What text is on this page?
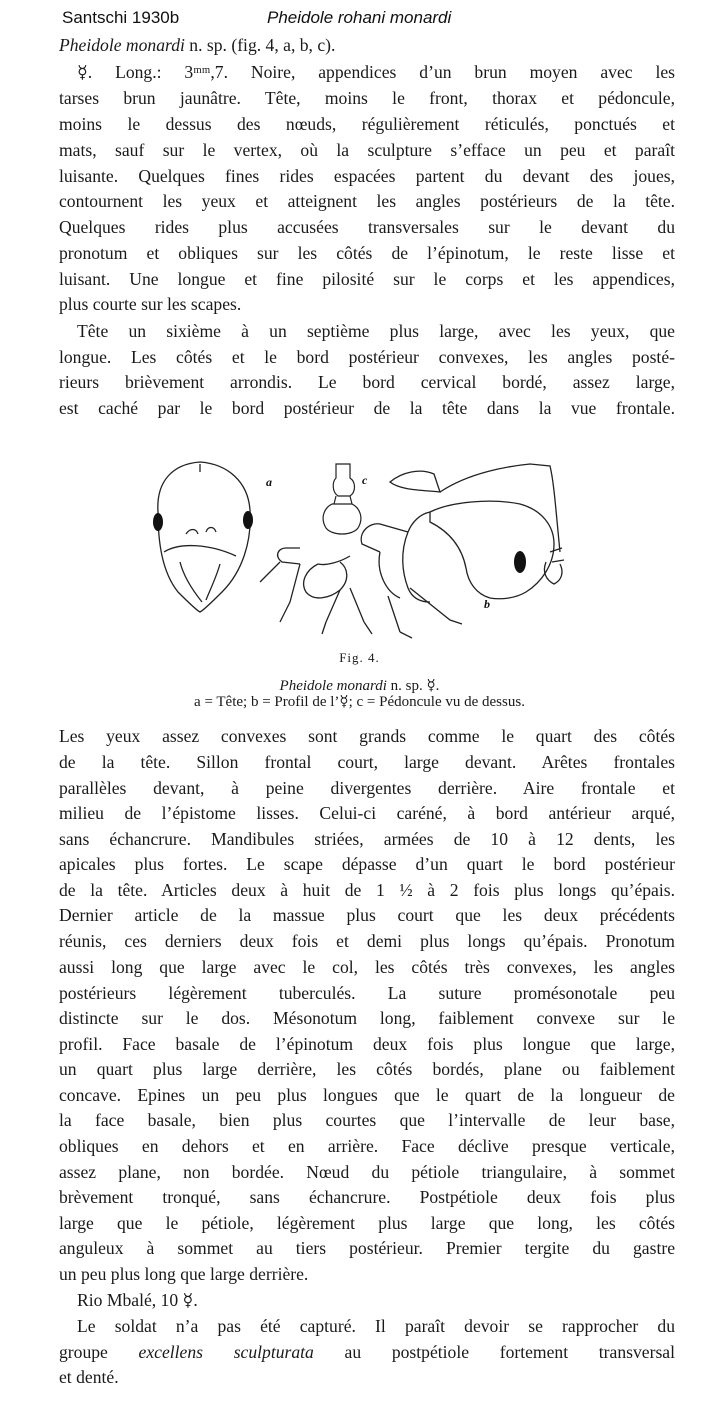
Santschi 1930b	Pheidole rohani monardi
Pheidole monardi n. sp. (fig. 4, a, b, c).
☿. Long.: 3ᵐᵐ,7. Noire, appendices d’un brun moyen avec les
tarses brun jaunâtre. Tête, moins le front, thorax et pédoncule,
moins le dessus des nœuds, régulièrement réticulés, ponctués et
mats, sauf sur le vertex, où la sculpture s’efface un peu et paraît
luisante. Quelques fines rides espacées partent du devant des joues,
contournent les yeux et atteignent les angles postérieurs de la tête.
Quelques rides plus accusées transversales sur le devant du
pronotum et obliques sur les côtés de l’épinotum, le reste lisse et
luisant. Une longue et fine pilosité sur le corps et les appendices,
plus courte sur les scapes.
Tête un sixième à un septième plus large, avec les yeux, que
longue. Les côtés et le bord postérieur convexes, les angles posté-
rieurs brièvement arrondis. Le bord cervical bordé, assez large,
est caché par le bord postérieur de la tête dans la vue frontale.
a	c
b
Fig. 4.
Pheidole monardi n. sp. ☿.
a = Tête; b = Profil de l’☿; c = Pédoncule vu de dessus.
Les yeux assez convexes sont grands comme le quart des côtés
de la tête. Sillon frontal court, large devant. Arêtes frontales
parallèles devant, à peine divergentes derrière. Aire frontale et
milieu de l’épistome lisses. Celui-ci caréné, à bord antérieur arqué,
sans échancrure. Mandibules striées, armées de 10 à 12 dents, les
apicales plus fortes. Le scape dépasse d’un quart le bord postérieur
de la tête. Articles deux à huit de 1 ½ à 2 fois plus longs qu’épais.
Dernier article de la massue plus court que les deux précédents
réunis, ces derniers deux fois et demi plus longs qu’épais. Pronotum
aussi long que large avec le col, les côtés très convexes, les angles
postérieurs légèrement tuberculés. La suture promésonotale peu
distincte sur le dos. Mésonotum long, faiblement convexe sur le
profil. Face basale de l’épinotum deux fois plus longue que large,
un quart plus large derrière, les côtés bordés, plane ou faiblement
concave. Epines un peu plus longues que le quart de la longueur de
la face basale, bien plus courtes que l’intervalle de leur base,
obliques en dehors et en arrière. Face déclive presque verticale,
assez plane, non bordée. Nœud du pétiole triangulaire, à sommet
brèvement tronqué, sans échancrure. Postpétiole deux fois plus
large que le pétiole, légèrement plus large que long, les côtés
anguleux à sommet au tiers postérieur. Premier tergite du gastre
un peu plus long que large derrière.
Rio Mbalé, 10 ☿.
Le soldat n’a pas été capturé. Il paraît devoir se rapprocher du
groupe excellens sculpturata au postpétiole fortement transversal
et denté.
